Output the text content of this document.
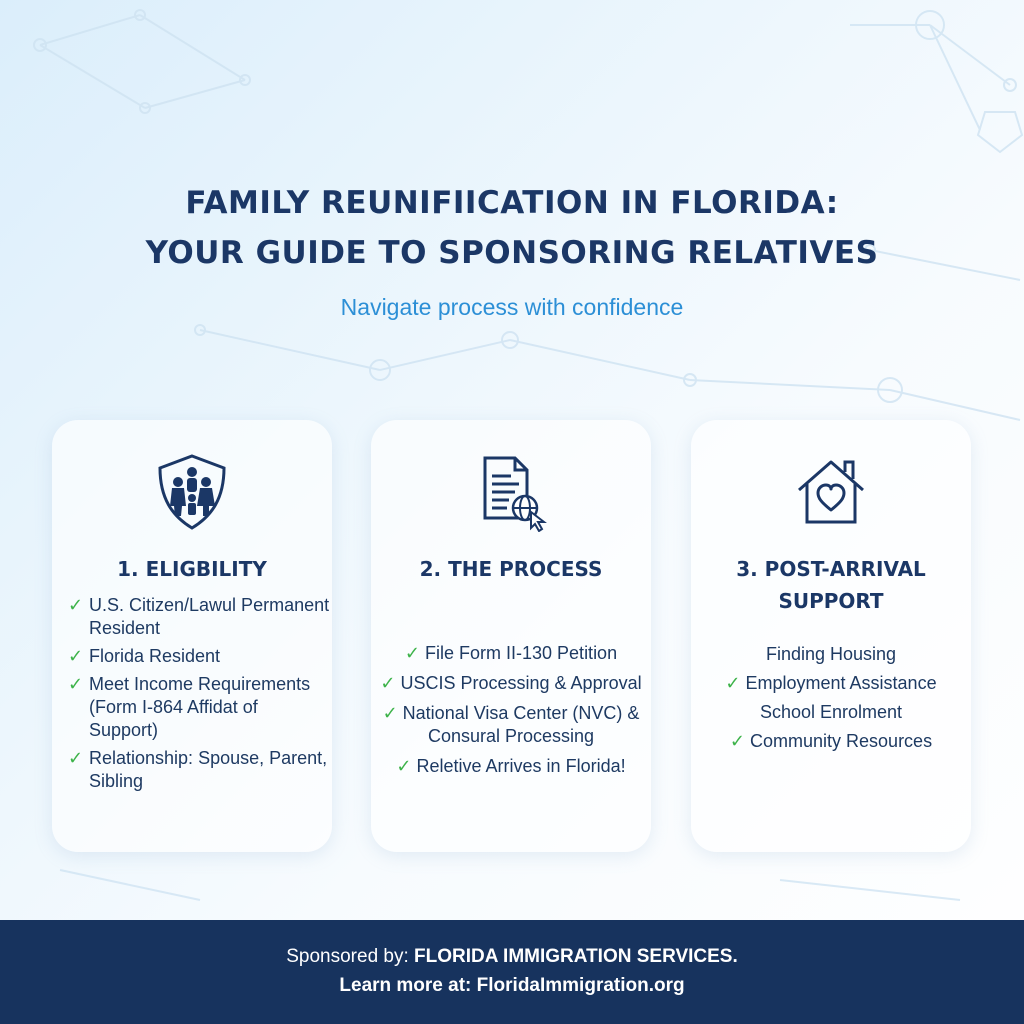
FAMILY REUNIFIICATION IN FLORIDA:
YOUR GUIDE TO SPONSORING RELATIVES
Navigate process with confidence
1. ELIGBILITY
✓ U.S. Citizen/Lawul Permanent Resident
✓ Florida Resident
✓ Meet Income Requirements (Form I-864 Affidat of Support)
✓ Relationship: Spouse, Parent, Sibling
2. THE PROCESS
✓ File Form II-130 Petition
✓ USCIS Processing & Approval
✓ National Visa Center (NVC) &
Consural Processing
✓ Reletive Arrives in Florida!
3. POST-ARRIVAL
SUPPORT
Finding Housing
✓ Employment Assistance
School Enrolment
✓ Community Resources
Sponsored by: FLORIDA IMMIGRATION SERVICES.
Learn more at: FloridaImmigration.org
